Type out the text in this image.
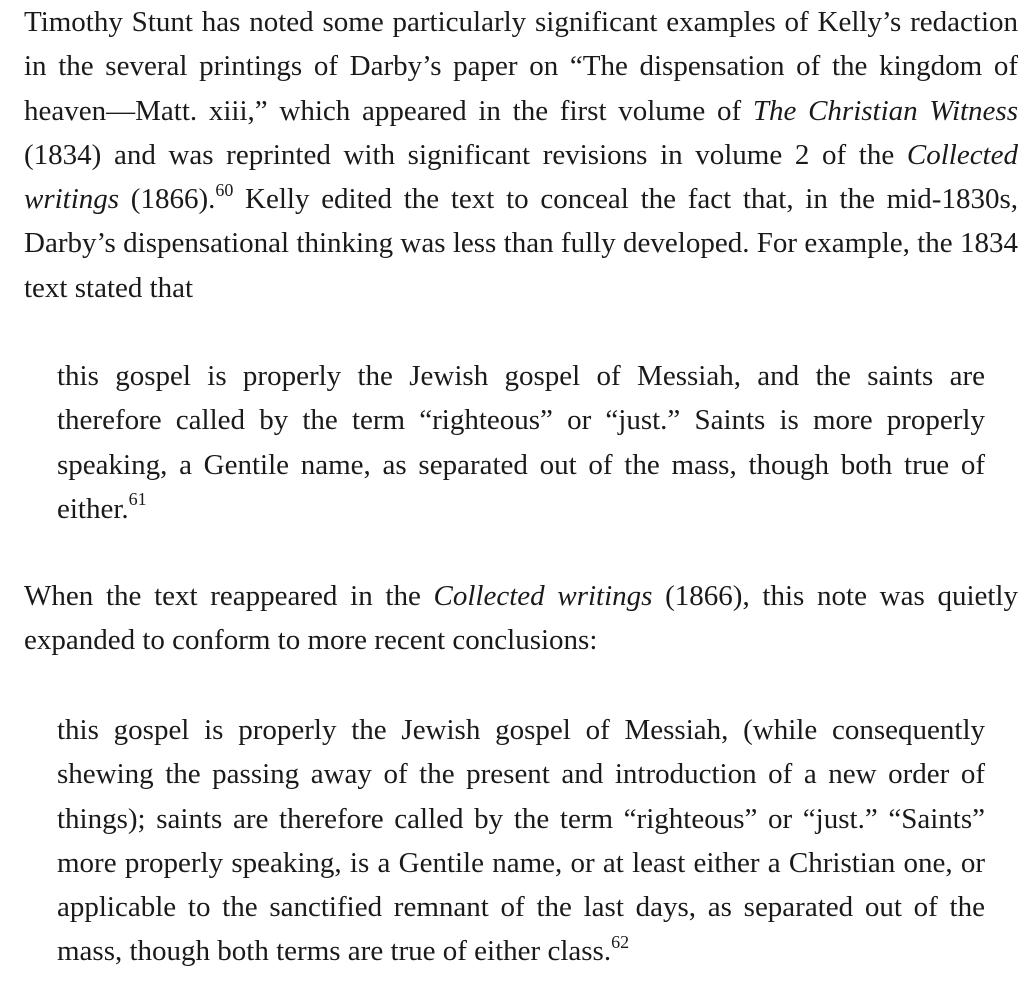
Timothy Stunt has noted some particularly significant examples of Kelly’s redaction in the several printings of Darby’s paper on “The dispensation of the kingdom of heaven—Matt. xiii,” which appeared in the first volume of The Christian Witness (1834) and was reprinted with significant revisions in volume 2 of the Collected writings (1866).$^{60}$ Kelly edited the text to conceal the fact that, in the mid-1830s, Darby’s dispensational thinking was less than fully developed. For example, the 1834 text stated that

this gospel is properly the Jewish gospel of Messiah, and the saints are therefore called by the term “righteous” or “just.” Saints is more properly speaking, a Gentile name, as separated out of the mass, though both true of either.$^{61}$

When the text reappeared in the Collected writings (1866), this note was quietly expanded to conform to more recent conclusions:

this gospel is properly the Jewish gospel of Messiah, (while consequently shewing the passing away of the present and introduction of a new order of things); saints are therefore called by the term “righteous” or “just.” “Saints” more properly speaking, is a Gentile name, or at least either a Christian one, or applicable to the sanctified remnant of the last days, as separated out of the mass, though both terms are true of either class.$^{62}$
